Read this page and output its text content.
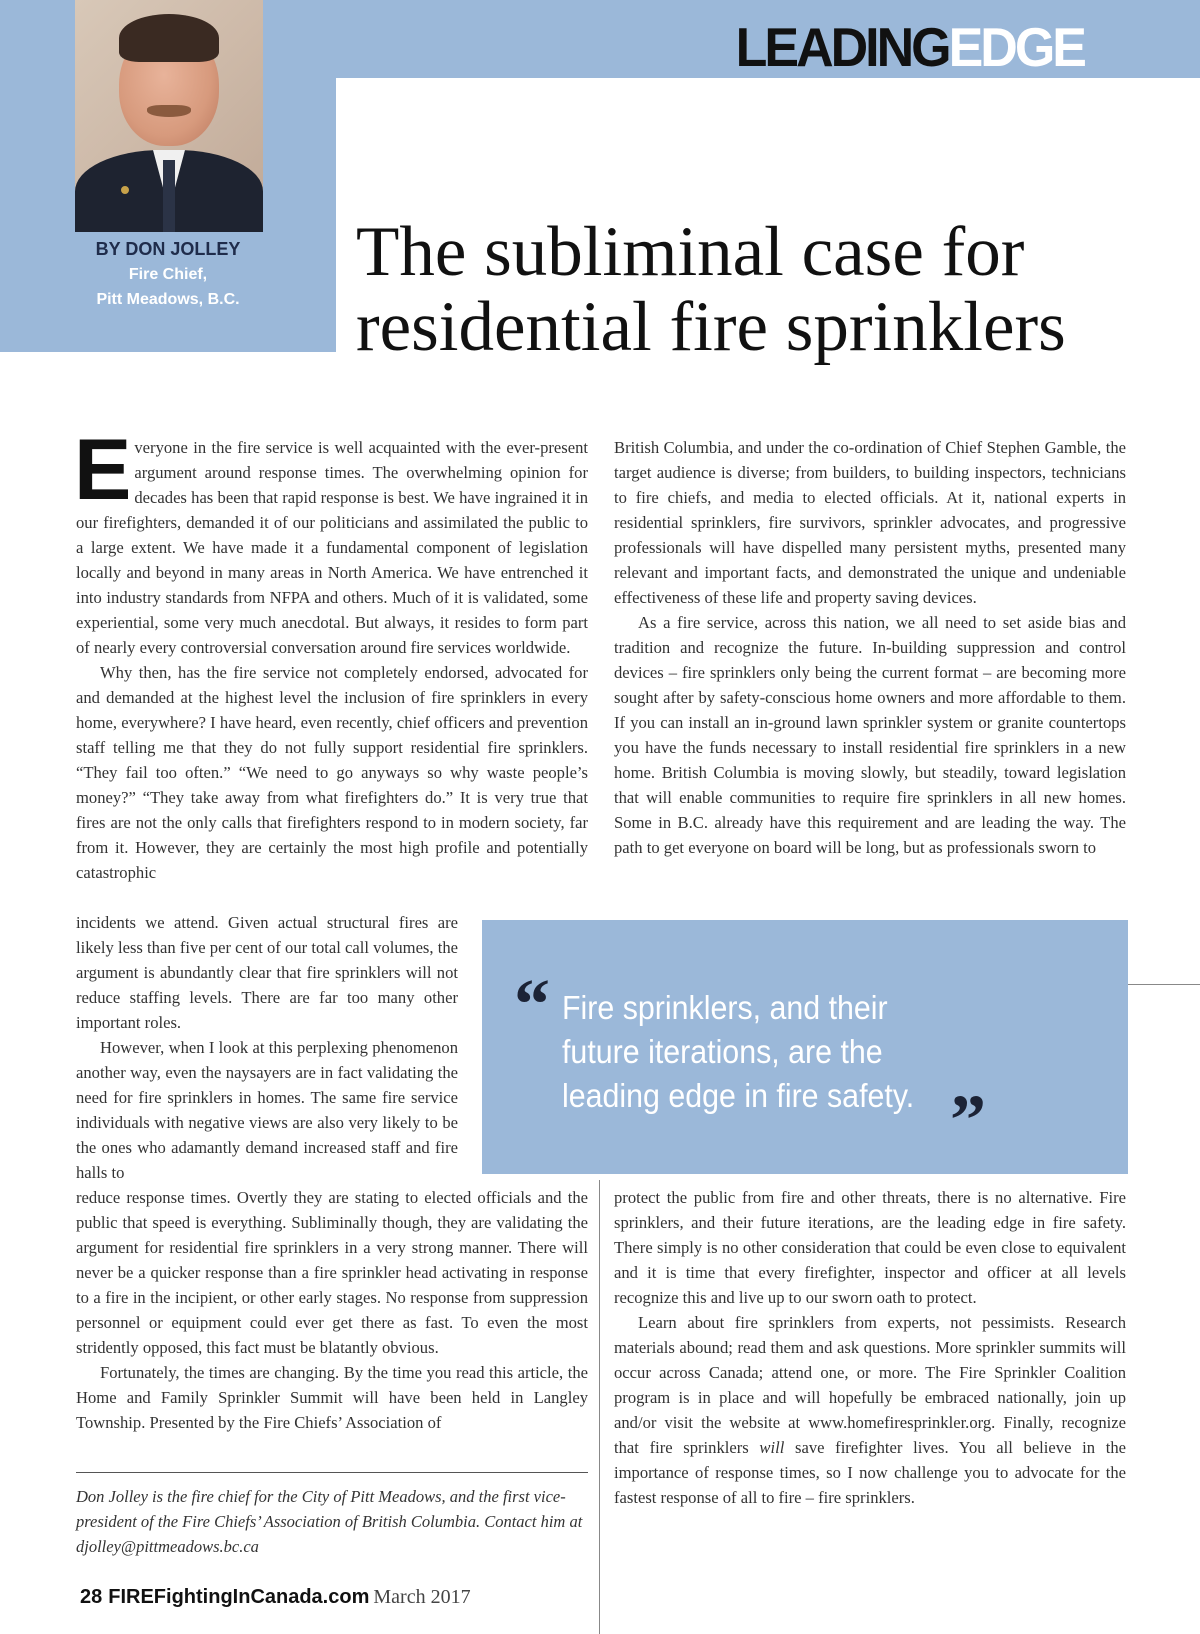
BY DON JOLLEY
Fire Chief,
Pitt Meadows, B.C.
LEADINGEDGE
The subliminal case for residential fire sprinklers

Everyone in the fire service is well acquainted with the ever-present argument around response times. The overwhelming opinion for decades has been that rapid response is best. We have ingrained it in our firefighters, demanded it of our politicians and assimilated the public to a large extent. We have made it a fundamental component of legislation locally and beyond in many areas in North America. We have entrenched it into industry standards from NFPA and others. Much of it is validated, some experiential, some very much anecdotal. But always, it resides to form part of nearly every controversial conversation around fire services worldwide.

Why then, has the fire service not completely endorsed, advocated for and demanded at the highest level the inclusion of fire sprinklers in every home, everywhere? I have heard, even recently, chief officers and prevention staff telling me that they do not fully support residential fire sprinklers. “They fail too often.” “We need to go anyways so why waste people’s money?” “They take away from what firefighters do.” It is very true that fires are not the only calls that firefighters respond to in modern society, far from it. However, they are certainly the most high profile and potentially catastrophic

incidents we attend. Given actual structural fires are likely less than five per cent of our total call volumes, the argument is abundantly clear that fire sprinklers will not reduce staffing levels. There are far too many other important roles.

However, when I look at this perplexing phenomenon another way, even the naysayers are in fact validating the need for fire sprinklers in homes. The same fire service individuals with negative views are also very likely to be the ones who adamantly demand increased staff and fire halls to

reduce response times. Overtly they are stating to elected officials and the public that speed is everything. Subliminally though, they are validating the argument for residential fire sprinklers in a very strong manner. There will never be a quicker response than a fire sprinkler head activating in response to a fire in the incipient, or other early stages. No response from suppression personnel or equipment could ever get there as fast. To even the most stridently opposed, this fact must be blatantly obvious.

Fortunately, the times are changing. By the time you read this article, the Home and Family Sprinkler Summit will have been held in Langley Township. Presented by the Fire Chiefs’ Association of

British Columbia, and under the co-ordination of Chief Stephen Gamble, the target audience is diverse; from builders, to building inspectors, technicians to fire chiefs, and media to elected officials. At it, national experts in residential sprinklers, fire survivors, sprinkler advocates, and progressive professionals will have dispelled many persistent myths, presented many relevant and important facts, and demonstrated the unique and undeniable effectiveness of these life and property saving devices.

As a fire service, across this nation, we all need to set aside bias and tradition and recognize the future. In-building suppression and control devices – fire sprinklers only being the current format – are becoming more sought after by safety-conscious home owners and more affordable to them. If you can install an in-ground lawn sprinkler system or granite countertops you have the funds necessary to install residential fire sprinklers in a new home. British Columbia is moving slowly, but steadily, toward legislation that will enable communities to require fire sprinklers in all new homes. Some in B.C. already have this requirement and are leading the way. The path to get everyone on board will be long, but as professionals sworn to

“ Fire sprinklers, and their future iterations, are the leading edge in fire safety. ”

protect the public from fire and other threats, there is no alternative. Fire sprinklers, and their future iterations, are the leading edge in fire safety. There simply is no other consideration that could be even close to equivalent and it is time that every firefighter, inspector and officer at all levels recognize this and live up to our sworn oath to protect.

Learn about fire sprinklers from experts, not pessimists. Research materials abound; read them and ask questions. More sprinkler summits will occur across Canada; attend one, or more. The Fire Sprinkler Coalition program is in place and will hopefully be embraced nationally, join up and/or visit the website at www.homefiresprinkler.org. Finally, recognize that fire sprinklers will save firefighter lives. You all believe in the importance of response times, so I now challenge you to advocate for the fastest response of all to fire – fire sprinklers.

Don Jolley is the fire chief for the City of Pitt Meadows, and the first vice-president of the Fire Chiefs’ Association of British Columbia. Contact him at djolley@pittmeadows.bc.ca
28 FIREFightingInCanada.com March 2017
